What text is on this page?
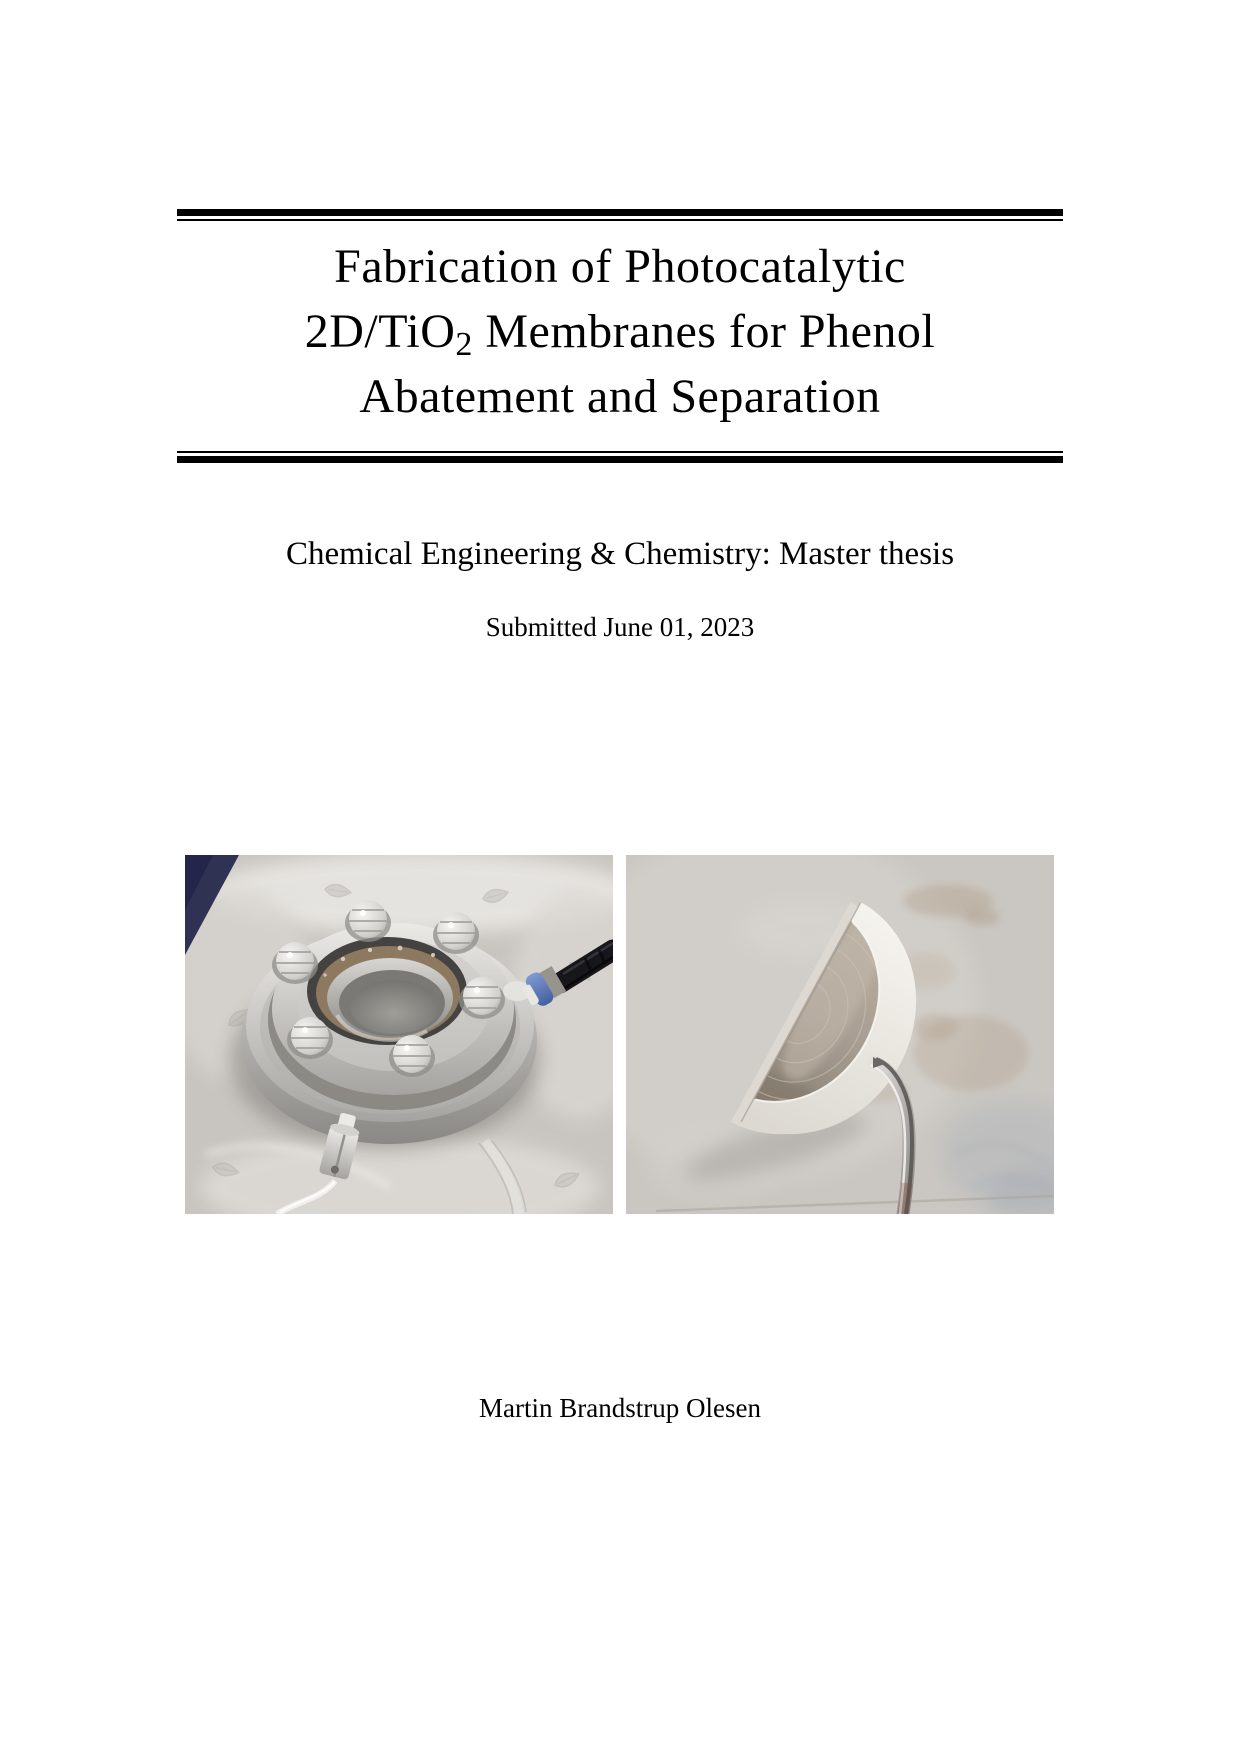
Fabrication of Photocatalytic
2D/TiO$_2$ Membranes for Phenol
Abatement and Separation

Chemical Engineering & Chemistry: Master thesis

Submitted June 01, 2023

Martin Brandstrup Olesen
